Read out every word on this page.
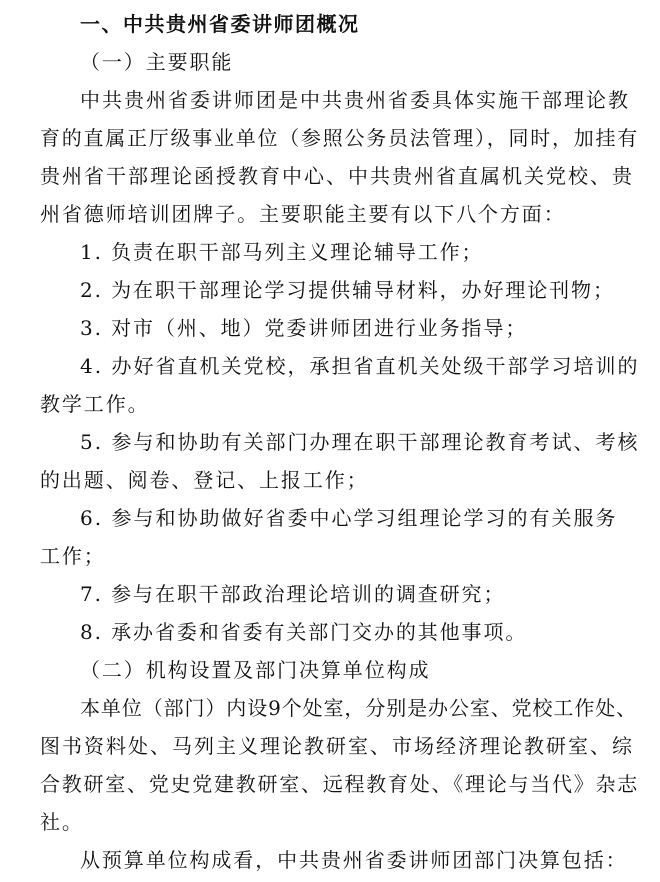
一、中共贵州省委讲师团概况
（一）主要职能
中共贵州省委讲师团是中共贵州省委具体实施干部理论教
育的直属正厅级事业单位（参照公务员法管理），同时，加挂有
贵州省干部理论函授教育中心、中共贵州省直属机关党校、贵
州省德师培训团牌子。主要职能主要有以下八个方面：
1. 负责在职干部马列主义理论辅导工作；
2. 为在职干部理论学习提供辅导材料，办好理论刊物；
3. 对市（州、地）党委讲师团进行业务指导；
4. 办好省直机关党校，承担省直机关处级干部学习培训的
教学工作。
5. 参与和协助有关部门办理在职干部理论教育考试、考核
的出题、阅卷、登记、上报工作；
6. 参与和协助做好省委中心学习组理论学习的有关服务
工作；
7. 参与在职干部政治理论培训的调查研究；
8. 承办省委和省委有关部门交办的其他事项。
（二）机构设置及部门决算单位构成
本单位（部门）内设9个处室，分别是办公室、党校工作处、
图书资料处、马列主义理论教研室、市场经济理论教研室、综
合教研室、党史党建教研室、远程教育处、《理论与当代》杂志
社。
从预算单位构成看，中共贵州省委讲师团部门决算包括：
